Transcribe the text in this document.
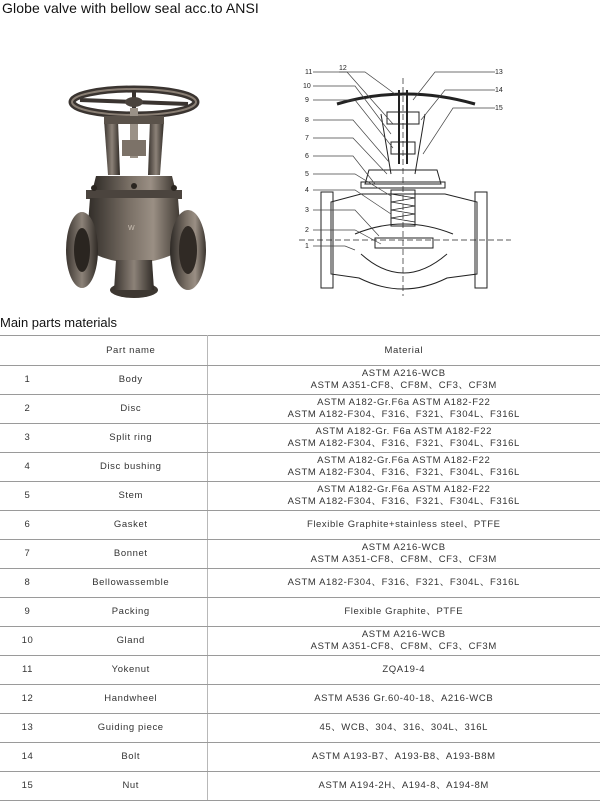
Globe valve with bellow seal acc.to ANSI
W
11
12
13
14
15
10
9
8
7
6
5
4
3
2
1
Main parts materials
	Part name	Material
1	Body	ASTM A216-WCB
ASTM A351-CF8、CF8M、CF3、CF3M

2	Disc	ASTM A182-Gr.F6a ASTM A182-F22
ASTM A182-F304、F316、F321、F304L、F316L

3	Split ring	ASTM A182-Gr. F6a ASTM A182-F22
ASTM A182-F304、F316、F321、F304L、F316L

4	Disc bushing	ASTM A182-Gr.F6a ASTM A182-F22
ASTM A182-F304、F316、F321、F304L、F316L

5	Stem	ASTM A182-Gr.F6a ASTM A182-F22
ASTM A182-F304、F316、F321、F304L、F316L

6	Gasket	Flexible Graphite+stainless steel、PTFE

7	Bonnet	ASTM A216-WCB
ASTM A351-CF8、CF8M、CF3、CF3M

8	Bellowassemble	ASTM A182-F304、F316、F321、F304L、F316L

9	Packing	Flexible Graphite、PTFE

10	Gland	ASTM A216-WCB
ASTM A351-CF8、CF8M、CF3、CF3M

11	Yokenut	ZQA19-4

12	Handwheel	ASTM A536 Gr.60-40-18、A216-WCB

13	Guiding piece	45、WCB、304、316、304L、316L

14	Bolt	ASTM A193-B7、A193-B8、A193-B8M

15	Nut	ASTM A194-2H、A194-8、A194-8M
